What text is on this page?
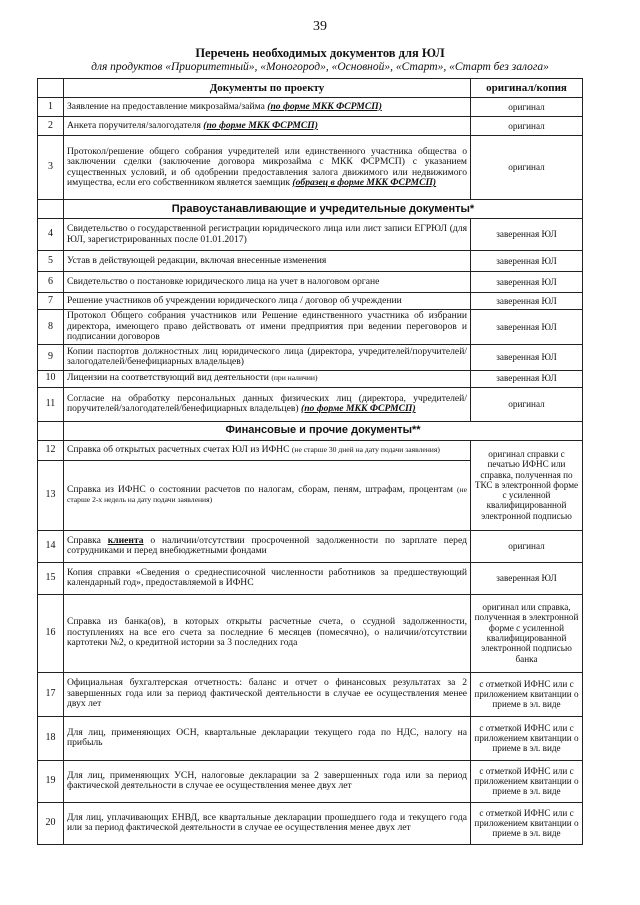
39
Перечень необходимых документов для ЮЛ
для продуктов «Приоритетный», «Моногород», «Основной», «Старт», «Старт без залога»
	Документы по проекту	оригинал/копия
1	Заявление на предоставление микрозайма/займа (по форме МКК ФСРМСП)	оригинал
2	Анкета поручителя/залогодателя (по форме МКК ФСРМСП)	оригинал
3	Протокол/решение общего собрания учредителей или единственного участника общества о заключении сделки (заключение договора микрозайма с МКК ФСРМСП) с указанием существенных условий, и об одобрении предоставления залога движимого или недвижимого имущества, если его собственником является заемщик (образец в форме МКК ФСРМСП)	оригинал
	Правоустанавливающие и учредительные документы*	
4	Свидетельство о государственной регистрации юридического лица или лист записи ЕГРЮЛ (для ЮЛ, зарегистрированных после 01.01.2017)	заверенная ЮЛ
5	Устав в действующей редакции, включая внесенные изменения	заверенная ЮЛ
6	Свидетельство о постановке юридического лица на учет в налоговом органе	заверенная ЮЛ
7	Решение участников об учреждении юридического лица / договор об учреждении	заверенная ЮЛ
8	Протокол Общего собрания участников или Решение единственного участника об избрании директора, имеющего право действовать от имени предприятия при ведении переговоров и подписании договоров	заверенная ЮЛ
9	Копии паспортов должностных лиц юридического лица (директора, учредителей/поручителей/залогодателей/бенефициарных владельцев)	заверенная ЮЛ
10	Лицензии на соответствующий вид деятельности (при наличии)	заверенная ЮЛ
11	Согласие на обработку персональных данных физических лиц (директора, учредителей/поручителей/залогодателей/бенефициарных владельцев) (по форме МКК ФСРМСП)	оригинал
	Финансовые и прочие документы**	
12	Справка об открытых расчетных счетах ЮЛ из ИФНС (не старше 30 дней на дату подачи заявления)	оригинал справки с печатью ИФНС или справка, полученная по ТКС в электронной форме с усиленной квалифицированной электронной подписью
13	Справка из ИФНС о состоянии расчетов по налогам, сборам, пеням, штрафам, процентам (не старше 2-х недель на дату подачи заявления)	
14	Справка клиента о наличии/отсутствии просроченной задолженности по зарплате перед сотрудниками и перед внебюджетными фондами	оригинал
15	Копия справки «Сведения о среднесписочной численности работников за предшествующий календарный год», предоставляемой в ИФНС	заверенная ЮЛ
16	Справка из банка(ов), в которых открыты расчетные счета, о ссудной задолженности, поступлениях на все его счета за последние 6 месяцев (помесячно), о наличии/отсутствии картотеки №2, о кредитной истории за 3 последних года	оригинал или справка, полученная в электронной форме с усиленной квалифицированной электронной подписью банка
17	Официальная бухгалтерская отчетность: баланс и отчет о финансовых результатах за 2 завершенных года или за период фактической деятельности в случае ее осуществления менее двух лет	с отметкой ИФНС или с приложением квитанции о приеме в эл. виде
18	Для лиц, применяющих ОСН, квартальные декларации текущего года по НДС, налогу на прибыль	с отметкой ИФНС или с приложением квитанции о приеме в эл. виде
19	Для лиц, применяющих УСН, налоговые декларации за 2 завершенных года или за период фактической деятельности в случае ее осуществления менее двух лет	с отметкой ИФНС или с приложением квитанции о приеме в эл. виде
20	Для лиц, уплачивающих ЕНВД, все квартальные декларации прошедшего года и текущего года или за период фактической деятельности в случае ее осуществления менее двух лет	с отметкой ИФНС или с приложением квитанции о приеме в эл. виде
